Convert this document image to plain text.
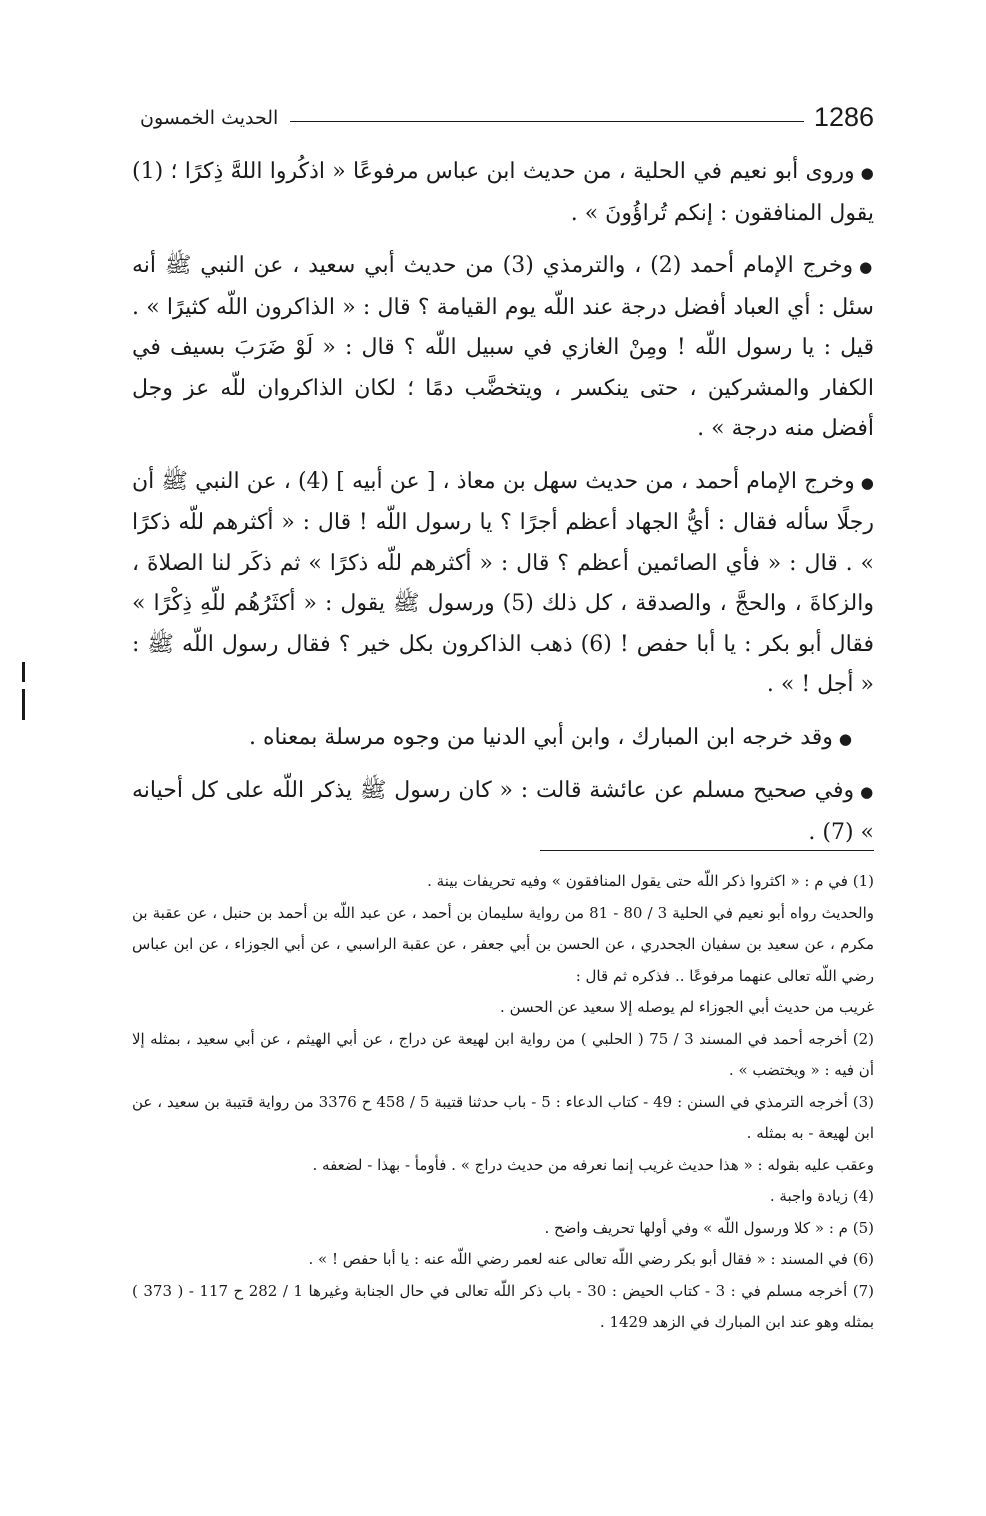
1286
الحديث الخمسون

●وروى أبو نعيم في الحلية ، من حديث ابن عباس مرفوعًا « اذكُروا اللهَّ ذِكرًا ؛ (1) يقول المنافقون : إنكم تُراؤُونَ » .

●وخرج الإمام أحمد (2) ، والترمذي (3) من حديث أبي سعيد ، عن النبي ﷺ أنه سئل : أي العباد أفضل درجة عند اللّه يوم القيامة ؟ قال : « الذاكرون اللّه كثيرًا » . قيل : يا رسول اللّه ! ومِنْ الغازي في سبيل اللّه ؟ قال : « لَوْ ضَرَبَ بسيف في الكفار والمشركين ، حتى ينكسر ، ويتخضَّب دمًا ؛ لكان الذاكروان للّه عز وجل أفضل منه درجة » .

●وخرج الإمام أحمد ، من حديث سهل بن معاذ ، [ عن أبيه ] (4) ، عن النبي ﷺ أن رجلًا سأله فقال : أيُّ الجهاد أعظم أجرًا ؟ يا رسول اللّه ! قال : « أكثرهم للّه ذكرًا » . قال : « فأي الصائمين أعظم ؟ قال : « أكثرهم للّه ذكرًا » ثم ذكَر لنا الصلاةَ ، والزكاةَ ، والحجَّ ، والصدقة ، كل ذلك (5) ورسول ﷺ يقول : « أكثَرُهُم للّهِ ذِكْرًا » فقال أبو بكر : يا أبا حفص ! (6) ذهب الذاكرون بكل خير ؟ فقال رسول اللّه ﷺ : « أجل ! » .

●وقد خرجه ابن المبارك ، وابن أبي الدنيا من وجوه مرسلة بمعناه .

●وفي صحيح مسلم عن عائشة قالت : « كان رسول ﷺ يذكر اللّه على كل أحيانه » (7) .

(1) في م : « اكثروا ذكر اللّه حتى يقول المنافقون » وفيه تحريفات بينة .

والحديث رواه أبو نعيم في الحلية 3 / 80 - 81 من رواية سليمان بن أحمد ، عن عبد اللّه بن أحمد بن حنبل ، عن عقبة بن مكرم ، عن سعيد بن سفيان الجحدري ، عن الحسن بن أبي جعفر ، عن عقبة الراسبي ، عن أبي الجوزاء ، عن ابن عباس رضي اللّه تعالى عنهما مرفوعًا .. فذكره ثم قال :

غريب من حديث أبي الجوزاء لم يوصله إلا سعيد عن الحسن .

(2) أخرجه أحمد في المسند 3 / 75 ( الحلبي ) من رواية ابن لهيعة عن دراج ، عن أبي الهيثم ، عن أبي سعيد ، بمثله إلا أن فيه : « ويختضب » .

(3) أخرجه الترمذي في السنن : 49 - كتاب الدعاء : 5 - باب حدثنا قتيبة 5 / 458 ح 3376 من رواية قتيبة بن سعيد ، عن ابن لهيعة - به بمثله .

وعقب عليه بقوله : « هذا حديث غريب إنما نعرفه من حديث دراج » . فأومأ - بهذا - لضعفه .

(4) زيادة واجبة .

(5) م : « كلا ورسول اللّه » وفي أولها تحريف واضح .

(6) في المسند : « فقال أبو بكر رضي اللّه تعالى عنه لعمر رضي اللّه عنه : يا أبا حفص ! » .

(7) أخرجه مسلم في : 3 - كتاب الحيض : 30 - باب ذكر اللّه تعالى في حال الجنابة وغيرها 1 / 282 ح 117 - ( 373 ) بمثله وهو عند ابن المبارك في الزهد 1429 .
